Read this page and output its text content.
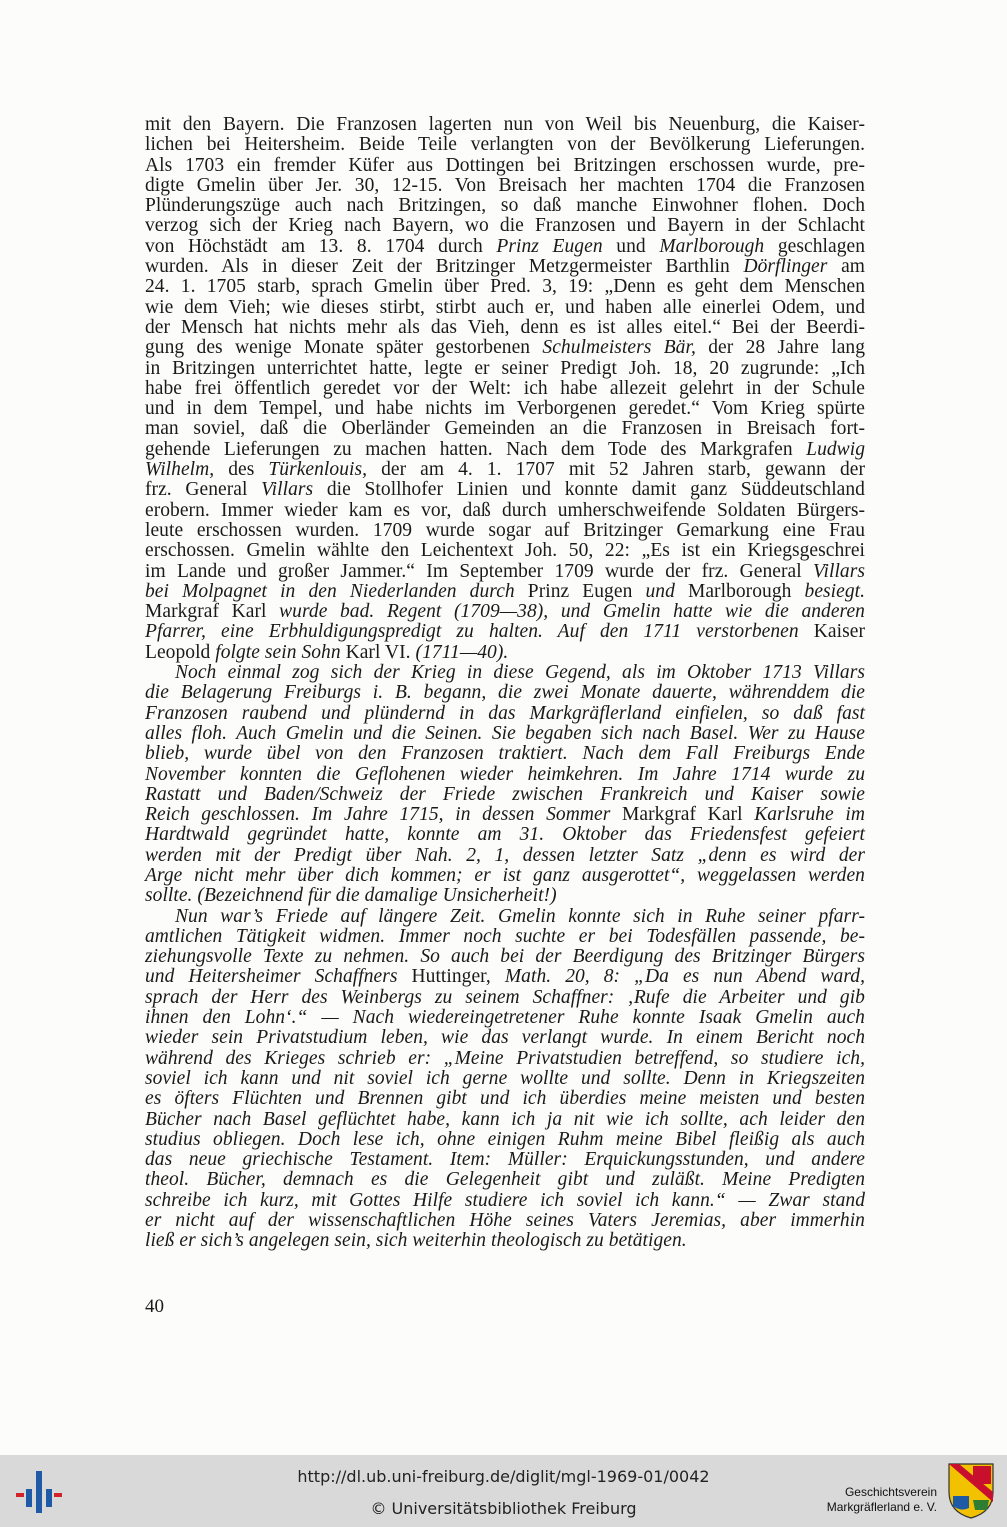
mit den Bayern. Die Franzosen lagerten nun von Weil bis Neuenburg, die Kaiser-
lichen bei Heitersheim. Beide Teile verlangten von der Bevölkerung Lieferungen.
Als 1703 ein fremder Küfer aus Dottingen bei Britzingen erschossen wurde, pre-
digte Gmelin über Jer. 30, 12-15. Von Breisach her machten 1704 die Franzosen
Plünderungszüge auch nach Britzingen, so daß manche Einwohner flohen. Doch
verzog sich der Krieg nach Bayern, wo die Franzosen und Bayern in der Schlacht
von Höchstädt am 13. 8. 1704 durch Prinz Eugen und Marlborough geschlagen
wurden. Als in dieser Zeit der Britzinger Metzgermeister Barthlin Dörflinger am
24. 1. 1705 starb, sprach Gmelin über Pred. 3, 19: „Denn es geht dem Menschen
wie dem Vieh; wie dieses stirbt, stirbt auch er, und haben alle einerlei Odem, und
der Mensch hat nichts mehr als das Vieh, denn es ist alles eitel.“ Bei der Beerdi-
gung des wenige Monate später gestorbenen Schulmeisters Bär, der 28 Jahre lang
in Britzingen unterrichtet hatte, legte er seiner Predigt Joh. 18, 20 zugrunde: „Ich
habe frei öffentlich geredet vor der Welt: ich habe allezeit gelehrt in der Schule
und in dem Tempel, und habe nichts im Verborgenen geredet.“ Vom Krieg spürte
man soviel, daß die Oberländer Gemeinden an die Franzosen in Breisach fort-
gehende Lieferungen zu machen hatten. Nach dem Tode des Markgrafen Ludwig
Wilhelm, des Türkenlouis, der am 4. 1. 1707 mit 52 Jahren starb, gewann der
frz. General Villars die Stollhofer Linien und konnte damit ganz Süddeutschland
erobern. Immer wieder kam es vor, daß durch umherschweifende Soldaten Bürgers-
leute erschossen wurden. 1709 wurde sogar auf Britzinger Gemarkung eine Frau
erschossen. Gmelin wählte den Leichentext Joh. 50, 22: „Es ist ein Kriegsgeschrei
im Lande und großer Jammer.“ Im September 1709 wurde der frz. General Villars
bei Molpagnet in den Niederlanden durch Prinz Eugen und Marlborough besiegt.
Markgraf Karl wurde bad. Regent (1709—38), und Gmelin hatte wie die anderen
Pfarrer, eine Erbhuldigungspredigt zu halten. Auf den 1711 verstorbenen Kaiser
Leopold folgte sein Sohn Karl VI. (1711—40).
Noch einmal zog sich der Krieg in diese Gegend, als im Oktober 1713 Villars
die Belagerung Freiburgs i. B. begann, die zwei Monate dauerte, währenddem die
Franzosen raubend und plündernd in das Markgräflerland einfielen, so daß fast
alles floh. Auch Gmelin und die Seinen. Sie begaben sich nach Basel. Wer zu Hause
blieb, wurde übel von den Franzosen traktiert. Nach dem Fall Freiburgs Ende
November konnten die Geflohenen wieder heimkehren. Im Jahre 1714 wurde zu
Rastatt und Baden/Schweiz der Friede zwischen Frankreich und Kaiser sowie
Reich geschlossen. Im Jahre 1715, in dessen Sommer Markgraf Karl Karlsruhe im
Hardtwald gegründet hatte, konnte am 31. Oktober das Friedensfest gefeiert
werden mit der Predigt über Nah. 2, 1, dessen letzter Satz „denn es wird der
Arge nicht mehr über dich kommen; er ist ganz ausgerottet“, weggelassen werden
sollte. (Bezeichnend für die damalige Unsicherheit!)
Nun war’s Friede auf längere Zeit. Gmelin konnte sich in Ruhe seiner pfarr-
amtlichen Tätigkeit widmen. Immer noch suchte er bei Todesfällen passende, be-
ziehungsvolle Texte zu nehmen. So auch bei der Beerdigung des Britzinger Bürgers
und Heitersheimer Schaffners Huttinger, Math. 20, 8: „Da es nun Abend ward,
sprach der Herr des Weinbergs zu seinem Schaffner: ‚Rufe die Arbeiter und gib
ihnen den Lohn‘.“ — Nach wiedereingetretener Ruhe konnte Isaak Gmelin auch
wieder sein Privatstudium leben, wie das verlangt wurde. In einem Bericht noch
während des Krieges schrieb er: „Meine Privatstudien betreffend, so studiere ich,
soviel ich kann und nit soviel ich gerne wollte und sollte. Denn in Kriegszeiten
es öfters Flüchten und Brennen gibt und ich überdies meine meisten und besten
Bücher nach Basel geflüchtet habe, kann ich ja nit wie ich sollte, ach leider den
studius obliegen. Doch lese ich, ohne einigen Ruhm meine Bibel fleißig als auch
das neue griechische Testament. Item: Müller: Erquickungsstunden, und andere
theol. Bücher, demnach es die Gelegenheit gibt und zuläßt. Meine Predigten
schreibe ich kurz, mit Gottes Hilfe studiere ich soviel ich kann.“ — Zwar stand
er nicht auf der wissenschaftlichen Höhe seines Vaters Jeremias, aber immerhin
ließ er sich’s angelegen sein, sich weiterhin theologisch zu betätigen.
40
http://dl.ub.uni-freiburg.de/diglit/mgl-1969-01/0042
© Universitätsbibliothek Freiburg
Geschichtsverein
Markgräflerland e. V.
